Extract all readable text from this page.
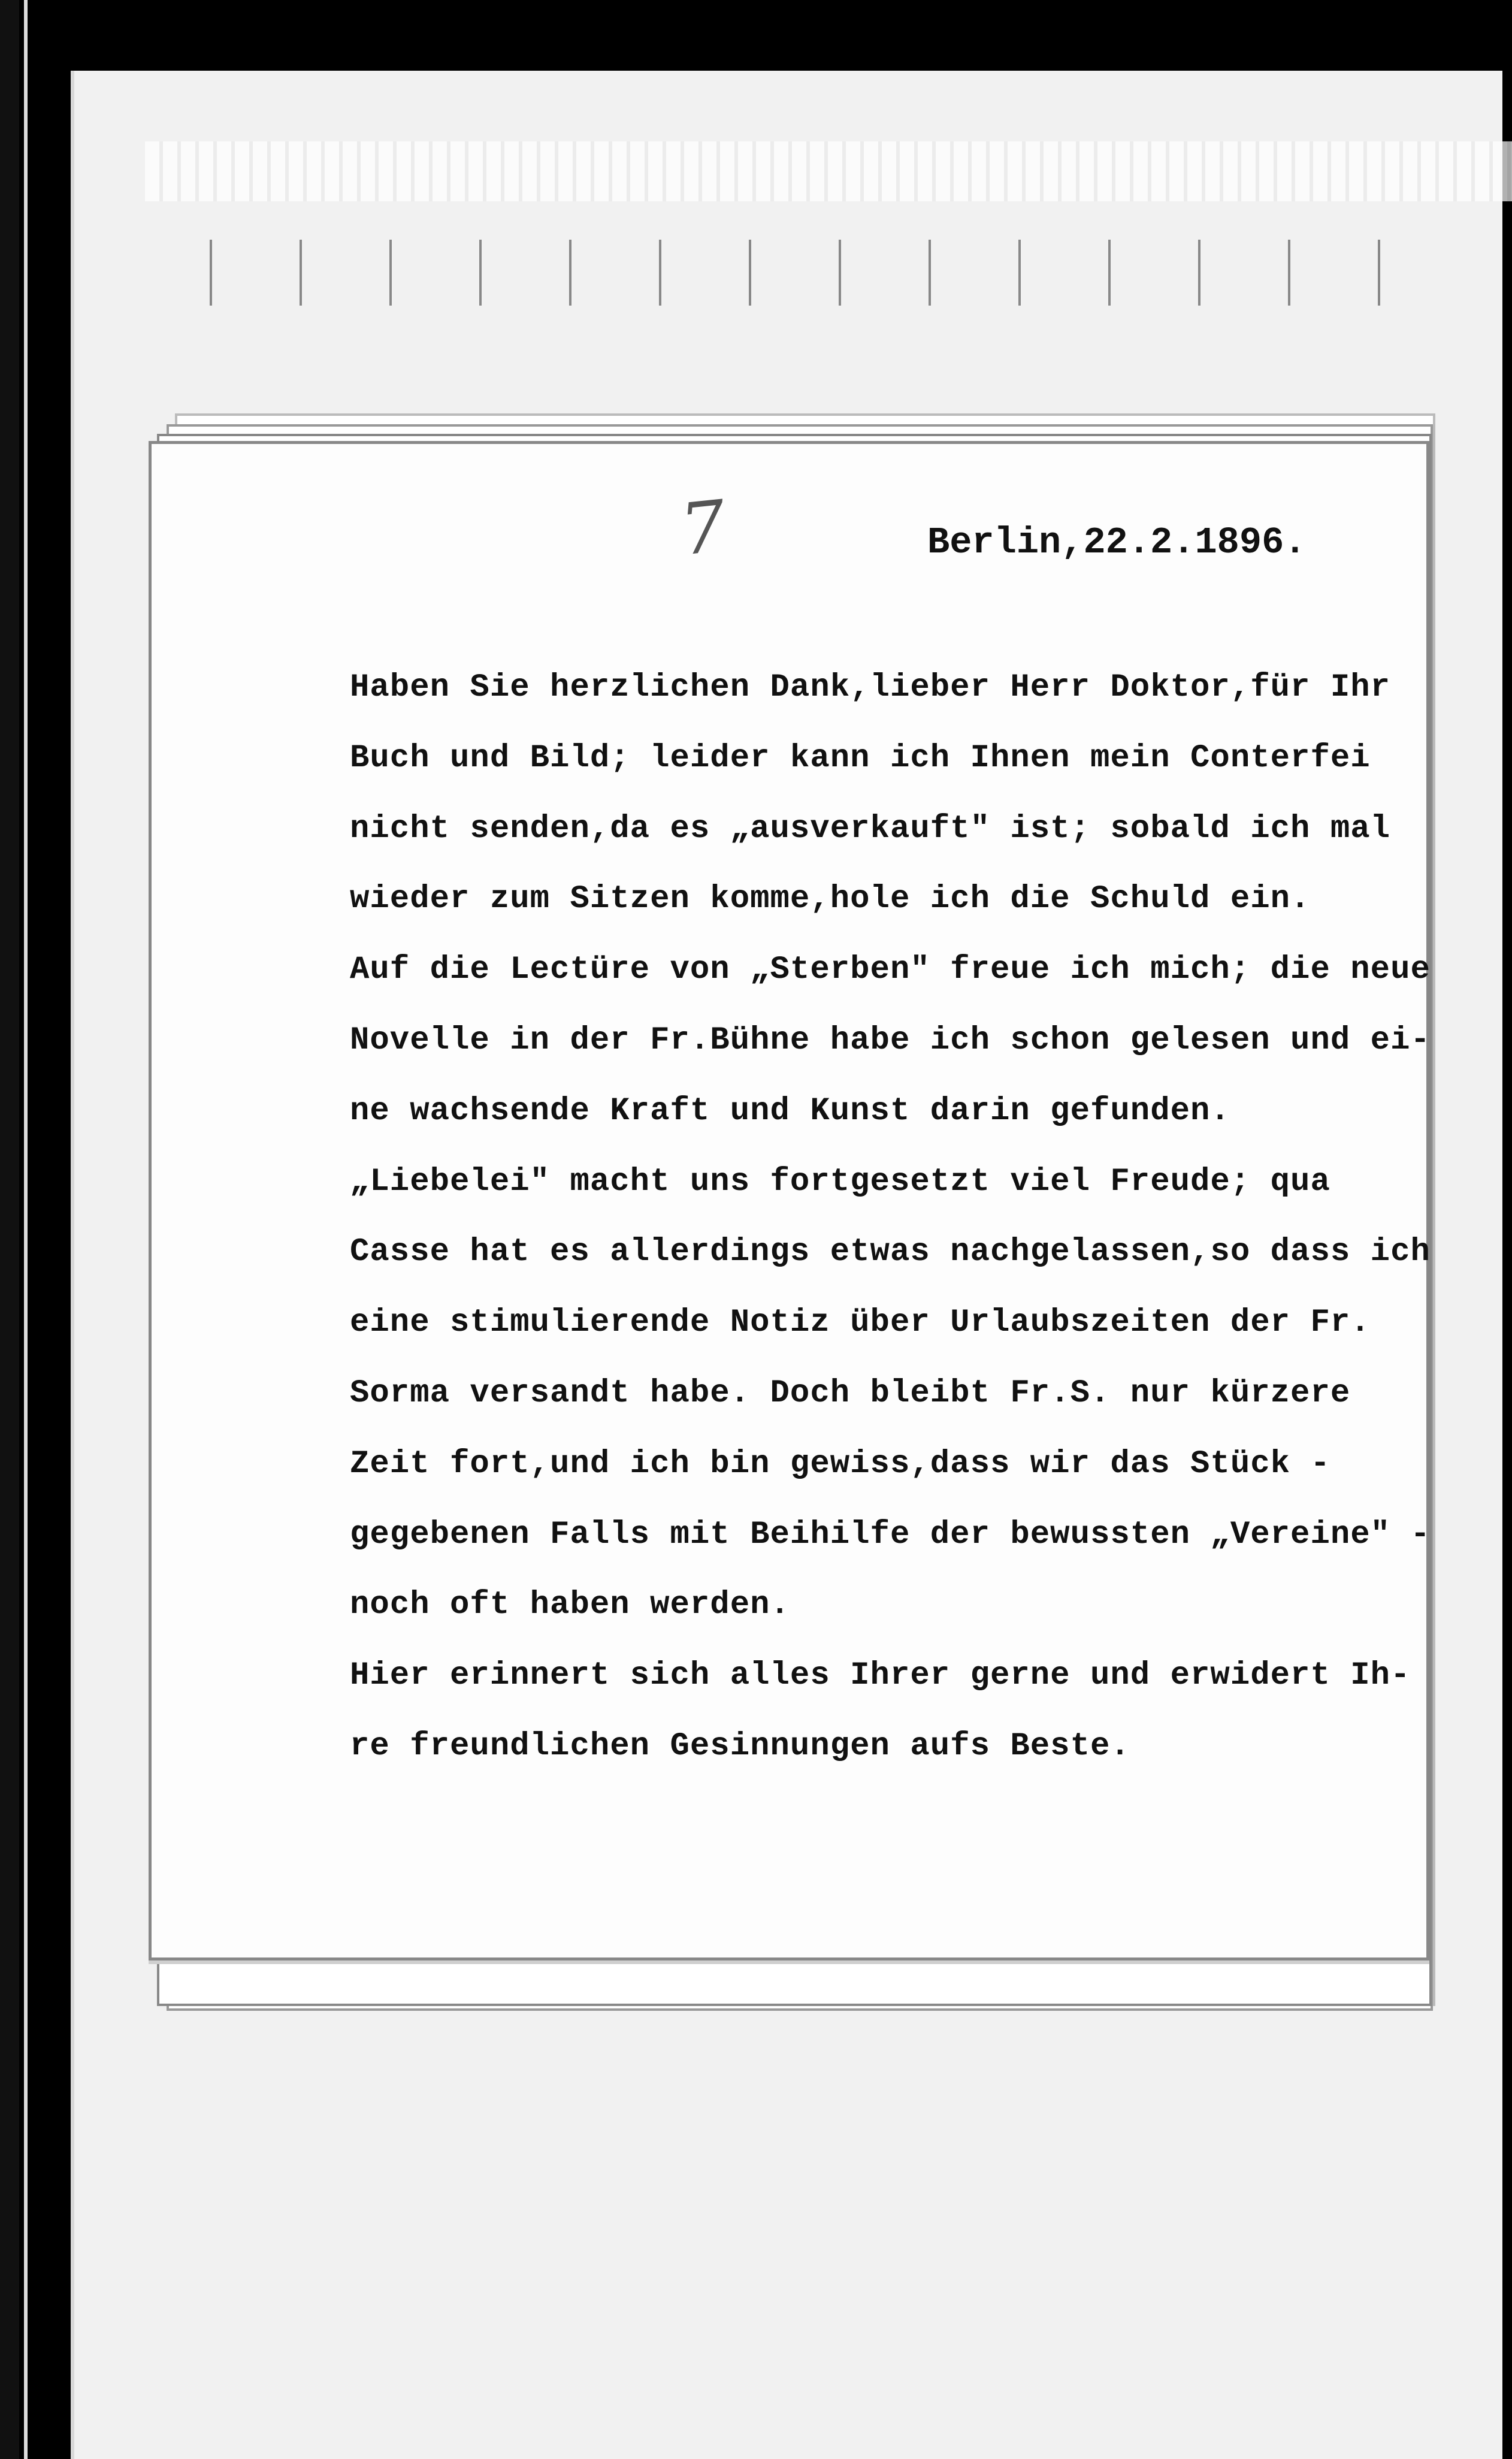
7	Berlin,22.2.1896.
Haben Sie herzlichen Dank,lieber Herr Doktor,für Ihr
Buch und Bild; leider kann ich Ihnen mein Conterfei
nicht senden,da es „ausverkauft" ist; sobald ich mal
wieder zum Sitzen komme,hole ich die Schuld ein.
Auf die Lectüre von „Sterben" freue ich mich; die neue
Novelle in der Fr.Bühne habe ich schon gelesen und ei-
ne wachsende Kraft und Kunst darin gefunden.
„Liebelei" macht uns fortgesetzt viel Freude; qua
Casse hat es allerdings etwas nachgelassen,so dass ich
eine stimulierende Notiz über Urlaubszeiten der Fr.
Sorma versandt habe. Doch bleibt Fr.S. nur kürzere
Zeit fort,und ich bin gewiss,dass wir das Stück -
gegebenen Falls mit Beihilfe der bewussten „Vereine" -
noch oft haben werden.
Hier erinnert sich alles Ihrer gerne und erwidert Ih-
re freundlichen Gesinnungen aufs Beste.
